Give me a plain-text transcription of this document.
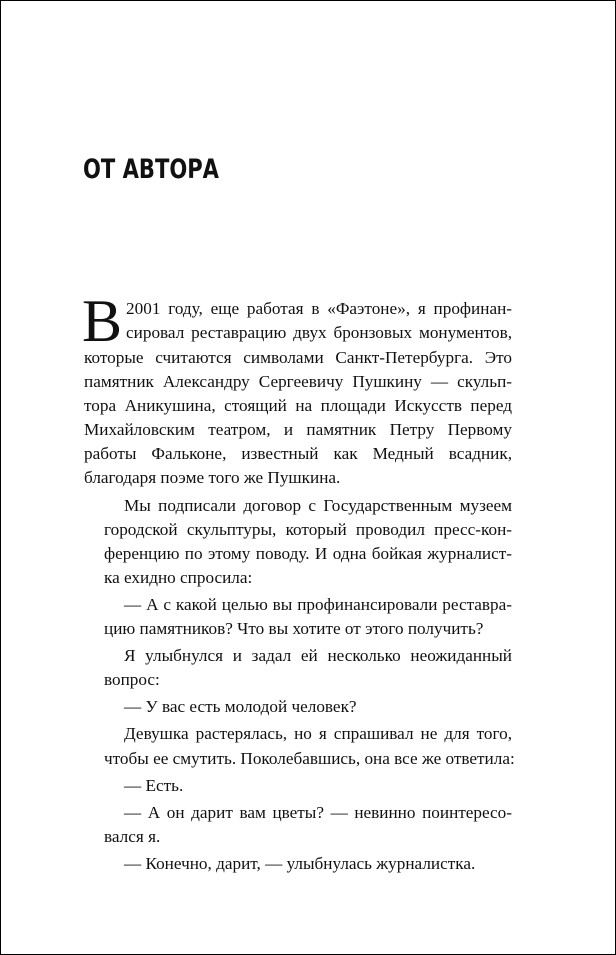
ОТ АВТОРА

В 2001 году, еще работая в «Фаэтоне», я профинан-
сировал реставрацию двух бронзовых монументов,
которые считаются символами Санкт-Петербурга. Это
памятник Александру Сергеевичу Пушкину — скульп-
тора Аникушина, стоящий на площади Искусств перед
Михайловским театром, и памятник Петру Первому
работы Фальконе, известный как Медный всадник,
благодаря поэме того же Пушкина.

Мы подписали договор с Государственным музеем
городской скульптуры, который проводил пресс-кон-
ференцию по этому поводу. И одна бойкая журналист-
ка ехидно спросила:

— А с какой целью вы профинансировали реставра-
цию памятников? Что вы хотите от этого получить?

Я улыбнулся и задал ей несколько неожиданный
вопрос:

— У вас есть молодой человек?

Девушка растерялась, но я спрашивал не для того,
чтобы ее смутить. Поколебавшись, она все же ответила:

— Есть.

— А он дарит вам цветы? — невинно поинтересо-
вался я.

— Конечно, дарит, — улыбнулась журналистка.
